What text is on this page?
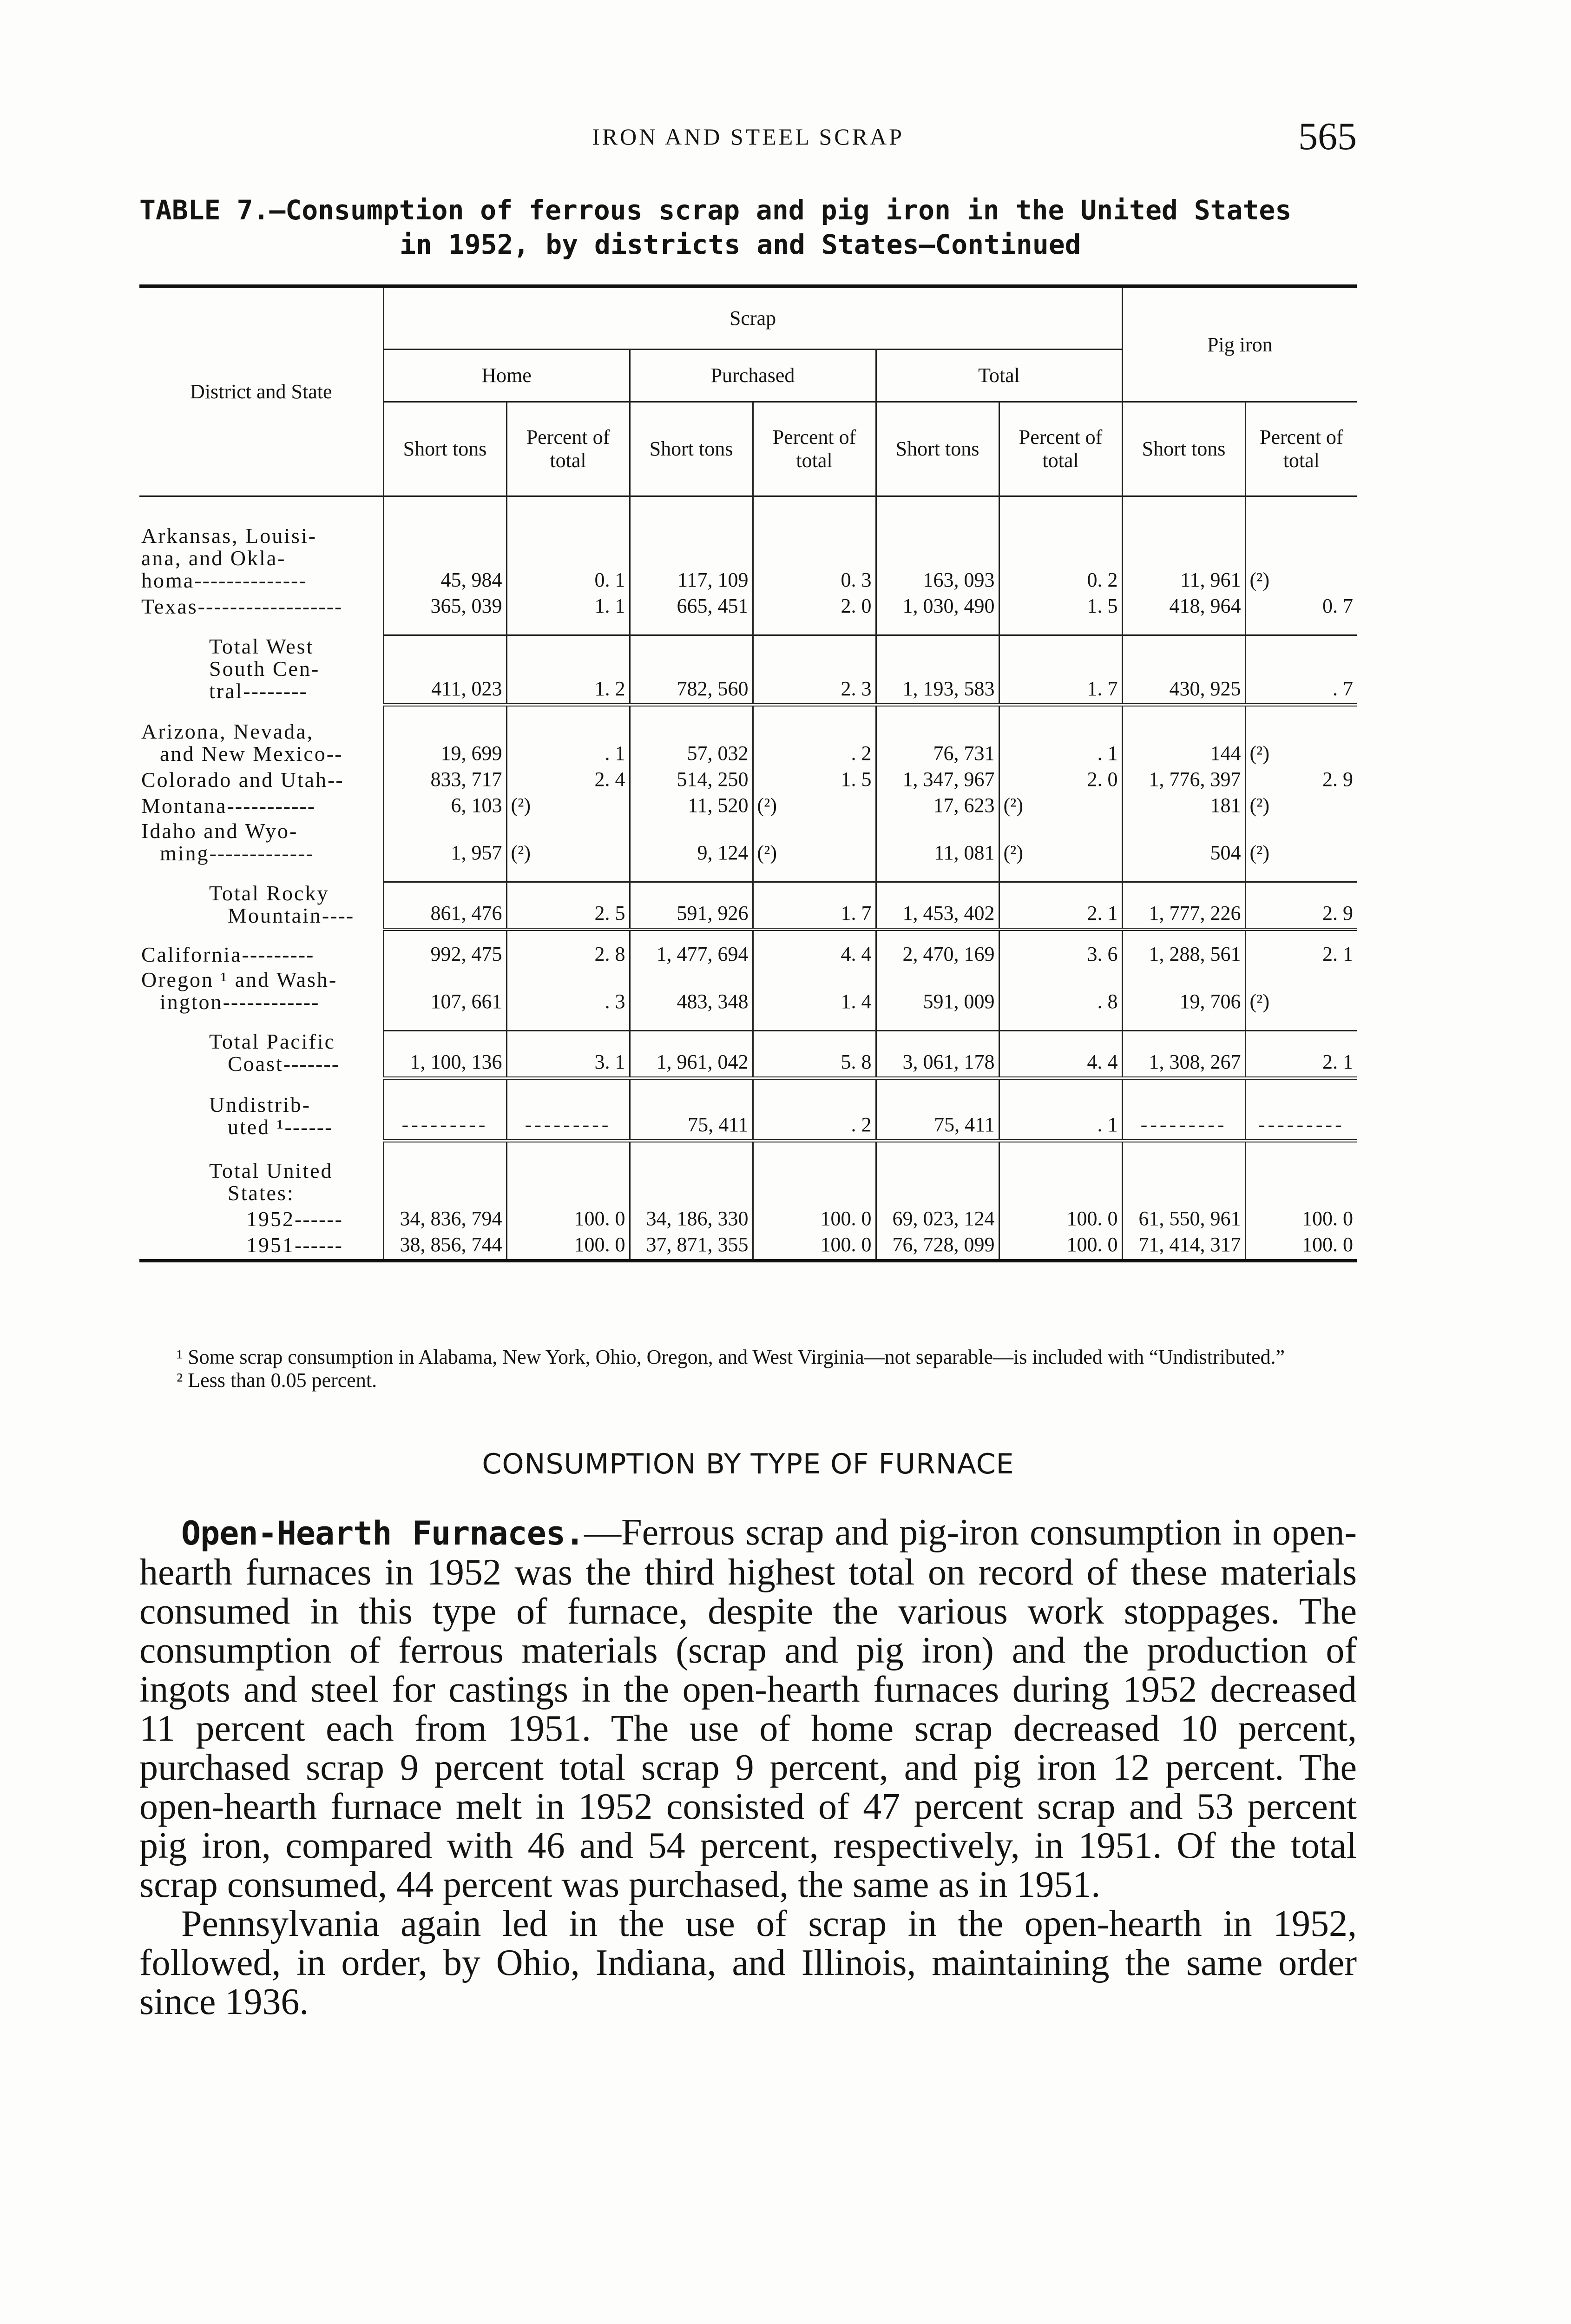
IRON AND STEEL SCRAP	565
TABLE 7.—Consumption of ferrous scrap and pig iron in the United States
in 1952, by districts and States—Continued
District and State	Scrap						Pig iron	
	Home		Purchased		Total			
	Short tons	Percent of total	Short tons	Percent of total	Short tons	Percent of total	Short tons	Percent of total

Arkansas, Louisi-
ana, and Okla-
homa--------------	45, 984	0. 1	117, 109	0. 3	163, 093	0. 2	11, 961	(²)
Texas------------------	365, 039	1. 1	665, 451	2. 0	1, 030, 490	1. 5	418, 964	0. 7

Total West
South Cen-
tral--------	411, 023	1. 2	782, 560	2. 3	1, 193, 583	1. 7	430, 925	. 7

Arizona, Nevada,
and New Mexico--	19, 699	. 1	57, 032	. 2	76, 731	. 1	144	(²)
Colorado and Utah--	833, 717	2. 4	514, 250	1. 5	1, 347, 967	2. 0	1, 776, 397	2. 9
Montana-----------	6, 103	(²)	11, 520	(²)	17, 623	(²)	181	(²)

Idaho and Wyo-
ming-------------	1, 957	(²)	9, 124	(²)	11, 081	(²)	504	(²)

Total Rocky
Mountain----	861, 476	2. 5	591, 926	1. 7	1, 453, 402	2. 1	1, 777, 226	2. 9
California---------	992, 475	2. 8	1, 477, 694	4. 4	2, 470, 169	3. 6	1, 288, 561	2. 1

Oregon ¹ and Wash-
ington------------	107, 661	. 3	483, 348	1. 4	591, 009	. 8	19, 706	(²)

Total Pacific
Coast-------	1, 100, 136	3. 1	1, 961, 042	5. 8	3, 061, 178	4. 4	1, 308, 267	2. 1

Undistrib-
uted ¹------	---------	---------	75, 411	. 2	75, 411	. 1	---------	---------

Total United
States:								

1952------	34, 836, 794	100. 0	34, 186, 330	100. 0	69, 023, 124	100. 0	61, 550, 961	100. 0
1951------	38, 856, 744	100. 0	37, 871, 355	100. 0	76, 728, 099	100. 0	71, 414, 317	100. 0

¹ Some scrap consumption in Alabama, New York, Ohio, Oregon, and West Virginia—not separable—is included with “Undistributed.”

² Less than 0.05 percent.

CONSUMPTION BY TYPE OF FURNACE

Open-Hearth Furnaces.—Ferrous scrap and pig-iron consumption in open-hearth furnaces in 1952 was the third highest total on record of these materials consumed in this type of furnace, despite the various work stoppages. The consumption of ferrous materials (scrap and pig iron) and the production of ingots and steel for castings in the open-hearth furnaces during 1952 decreased 11 percent each from 1951. The use of home scrap decreased 10 percent, purchased scrap 9 percent total scrap 9 percent, and pig iron 12 percent. The open-hearth furnace melt in 1952 consisted of 47 percent scrap and 53 percent pig iron, compared with 46 and 54 percent, respectively, in 1951. Of the total scrap consumed, 44 percent was purchased, the same as in 1951.

Pennsylvania again led in the use of scrap in the open-hearth in 1952, followed, in order, by Ohio, Indiana, and Illinois, maintaining the same order since 1936.
